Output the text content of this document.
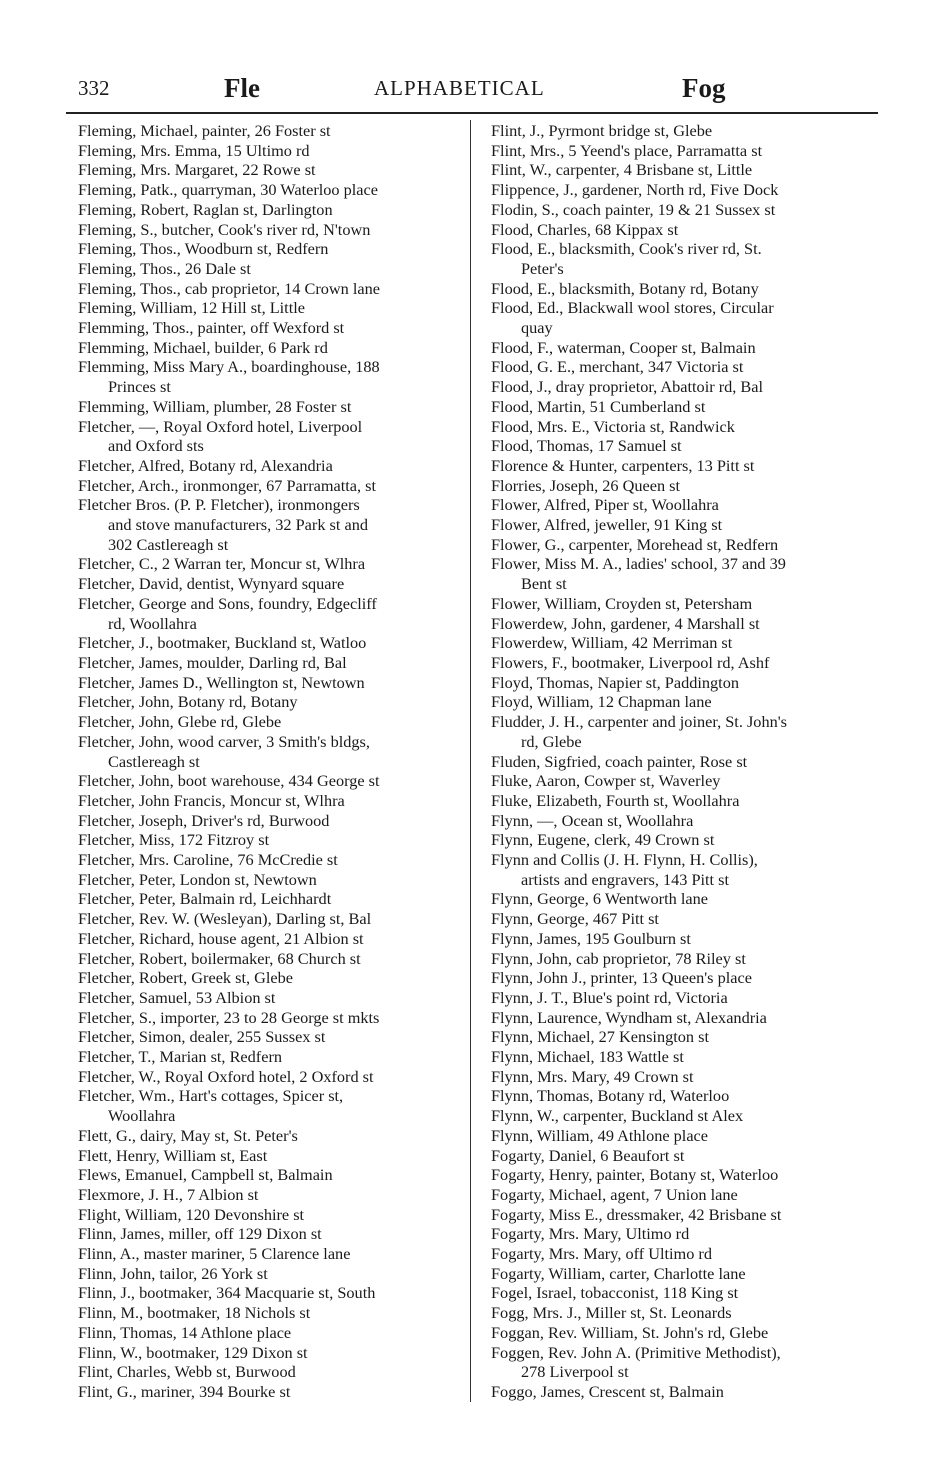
332	Fle	ALPHABETICAL	Fog
Fleming, Michael, painter, 26 Foster st
Fleming, Mrs. Emma, 15 Ultimo rd
Fleming, Mrs. Margaret, 22 Rowe st
Fleming, Patk., quarryman, 30 Waterloo place
Fleming, Robert, Raglan st, Darlington
Fleming, S., butcher, Cook's river rd, N'town
Fleming, Thos., Woodburn st, Redfern
Fleming, Thos., 26 Dale st
Fleming, Thos., cab proprietor, 14 Crown lane
Fleming, William, 12 Hill st, Little
Flemming, Thos., painter, off Wexford st
Flemming, Michael, builder, 6 Park rd
Flemming, Miss Mary A., boardinghouse, 188
Princes st
Flemming, William, plumber, 28 Foster st
Fletcher, —, Royal Oxford hotel, Liverpool
and Oxford sts
Fletcher, Alfred, Botany rd, Alexandria
Fletcher, Arch., ironmonger, 67 Parramatta, st
Fletcher Bros. (P. P. Fletcher), ironmongers
and stove manufacturers, 32 Park st and
302 Castlereagh st
Fletcher, C., 2 Warran ter, Moncur st, Wlhra
Fletcher, David, dentist, Wynyard square
Fletcher, George and Sons, foundry, Edgecliff
rd, Woollahra
Fletcher, J., bootmaker, Buckland st, Watloo
Fletcher, James, moulder, Darling rd, Bal
Fletcher, James D., Wellington st, Newtown
Fletcher, John, Botany rd, Botany
Fletcher, John, Glebe rd, Glebe
Fletcher, John, wood carver, 3 Smith's bldgs,
Castlereagh st
Fletcher, John, boot warehouse, 434 George st
Fletcher, John Francis, Moncur st, Wlhra
Fletcher, Joseph, Driver's rd, Burwood
Fletcher, Miss, 172 Fitzroy st
Fletcher, Mrs. Caroline, 76 McCredie st
Fletcher, Peter, London st, Newtown
Fletcher, Peter, Balmain rd, Leichhardt
Fletcher, Rev. W. (Wesleyan), Darling st, Bal
Fletcher, Richard, house agent, 21 Albion st
Fletcher, Robert, boilermaker, 68 Church st
Fletcher, Robert, Greek st, Glebe
Fletcher, Samuel, 53 Albion st
Fletcher, S., importer, 23 to 28 George st mkts
Fletcher, Simon, dealer, 255 Sussex st
Fletcher, T., Marian st, Redfern
Fletcher, W., Royal Oxford hotel, 2 Oxford st
Fletcher, Wm., Hart's cottages, Spicer st,
Woollahra
Flett, G., dairy, May st, St. Peter's
Flett, Henry, William st, East
Flews, Emanuel, Campbell st, Balmain
Flexmore, J. H., 7 Albion st
Flight, William, 120 Devonshire st
Flinn, James, miller, off 129 Dixon st
Flinn, A., master mariner, 5 Clarence lane
Flinn, John, tailor, 26 York st
Flinn, J., bootmaker, 364 Macquarie st, South
Flinn, M., bootmaker, 18 Nichols st
Flinn, Thomas, 14 Athlone place
Flinn, W., bootmaker, 129 Dixon st
Flint, Charles, Webb st, Burwood
Flint, G., mariner, 394 Bourke st
Flint, J., Pyrmont bridge st, Glebe
Flint, Mrs., 5 Yeend's place, Parramatta st
Flint, W., carpenter, 4 Brisbane st, Little
Flippence, J., gardener, North rd, Five Dock
Flodin, S., coach painter, 19 & 21 Sussex st
Flood, Charles, 68 Kippax st
Flood, E., blacksmith, Cook's river rd, St.
Peter's
Flood, E., blacksmith, Botany rd, Botany
Flood, Ed., Blackwall wool stores, Circular
quay
Flood, F., waterman, Cooper st, Balmain
Flood, G. E., merchant, 347 Victoria st
Flood, J., dray proprietor, Abattoir rd, Bal
Flood, Martin, 51 Cumberland st
Flood, Mrs. E., Victoria st, Randwick
Flood, Thomas, 17 Samuel st
Florence & Hunter, carpenters, 13 Pitt st
Florries, Joseph, 26 Queen st
Flower, Alfred, Piper st, Woollahra
Flower, Alfred, jeweller, 91 King st
Flower, G., carpenter, Morehead st, Redfern
Flower, Miss M. A., ladies' school, 37 and 39
Bent st
Flower, William, Croyden st, Petersham
Flowerdew, John, gardener, 4 Marshall st
Flowerdew, William, 42 Merriman st
Flowers, F., bootmaker, Liverpool rd, Ashf
Floyd, Thomas, Napier st, Paddington
Floyd, William, 12 Chapman lane
Fludder, J. H., carpenter and joiner, St. John's
rd, Glebe
Fluden, Sigfried, coach painter, Rose st
Fluke, Aaron, Cowper st, Waverley
Fluke, Elizabeth, Fourth st, Woollahra
Flynn, —, Ocean st, Woollahra
Flynn, Eugene, clerk, 49 Crown st
Flynn and Collis (J. H. Flynn, H. Collis),
artists and engravers, 143 Pitt st
Flynn, George, 6 Wentworth lane
Flynn, George, 467 Pitt st
Flynn, James, 195 Goulburn st
Flynn, John, cab proprietor, 78 Riley st
Flynn, John J., printer, 13 Queen's place
Flynn, J. T., Blue's point rd, Victoria
Flynn, Laurence, Wyndham st, Alexandria
Flynn, Michael, 27 Kensington st
Flynn, Michael, 183 Wattle st
Flynn, Mrs. Mary, 49 Crown st
Flynn, Thomas, Botany rd, Waterloo
Flynn, W., carpenter, Buckland st Alex
Flynn, William, 49 Athlone place
Fogarty, Daniel, 6 Beaufort st
Fogarty, Henry, painter, Botany st, Waterloo
Fogarty, Michael, agent, 7 Union lane
Fogarty, Miss E., dressmaker, 42 Brisbane st
Fogarty, Mrs. Mary, Ultimo rd
Fogarty, Mrs. Mary, off Ultimo rd
Fogarty, William, carter, Charlotte lane
Fogel, Israel, tobacconist, 118 King st
Fogg, Mrs. J., Miller st, St. Leonards
Foggan, Rev. William, St. John's rd, Glebe
Foggen, Rev. John A. (Primitive Methodist),
278 Liverpool st
Foggo, James, Crescent st, Balmain
